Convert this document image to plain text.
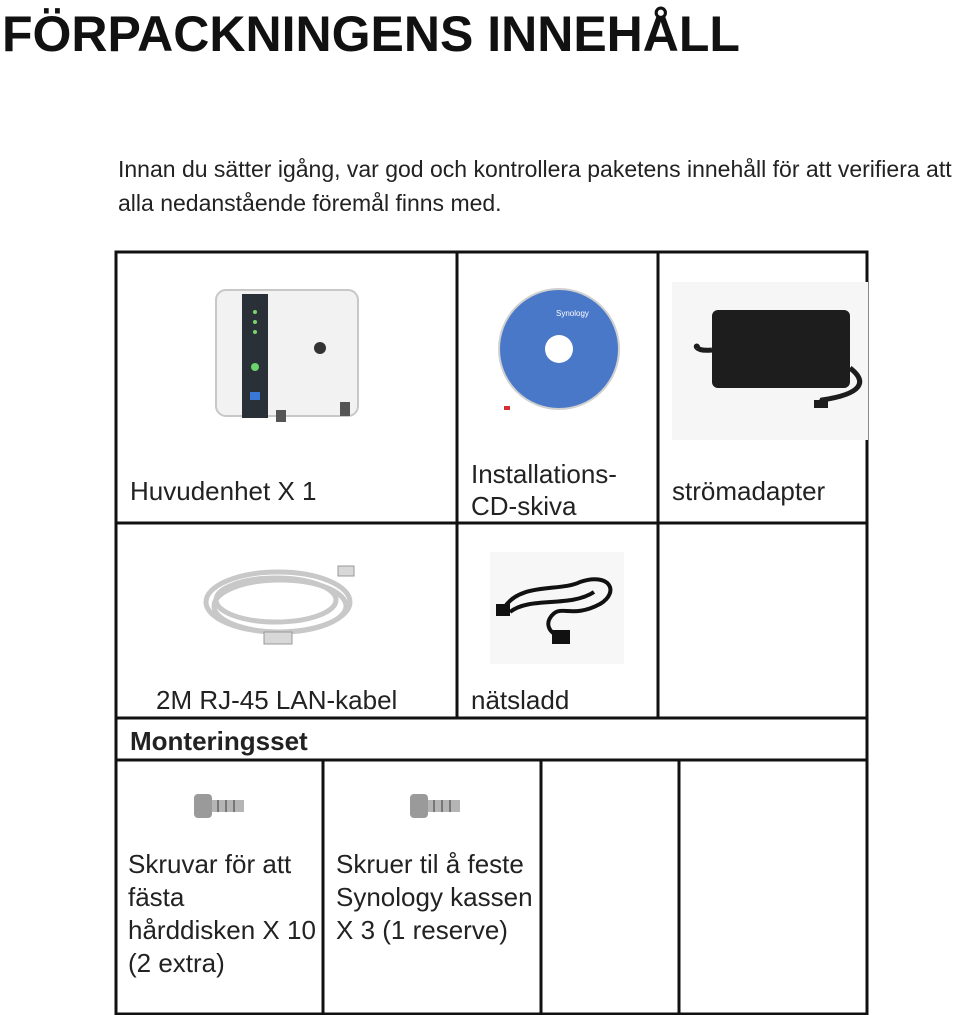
FÖRPACKNINGENS INNEHÅLL

Innan du sätter igång, var god och kontrollera paketens innehåll för att verifiera att alla nedanstående föremål finns med.

Synology
Huvudenhet X 1
Installations-
CD-skiva	strömadapter
2M RJ-45 LAN-kabel	nätsladd
Monteringsset
Skruvar för att fästa hårddisken X 10 (2 extra)
Skruer til å feste Synology kassen X 3 (1 reserve)
